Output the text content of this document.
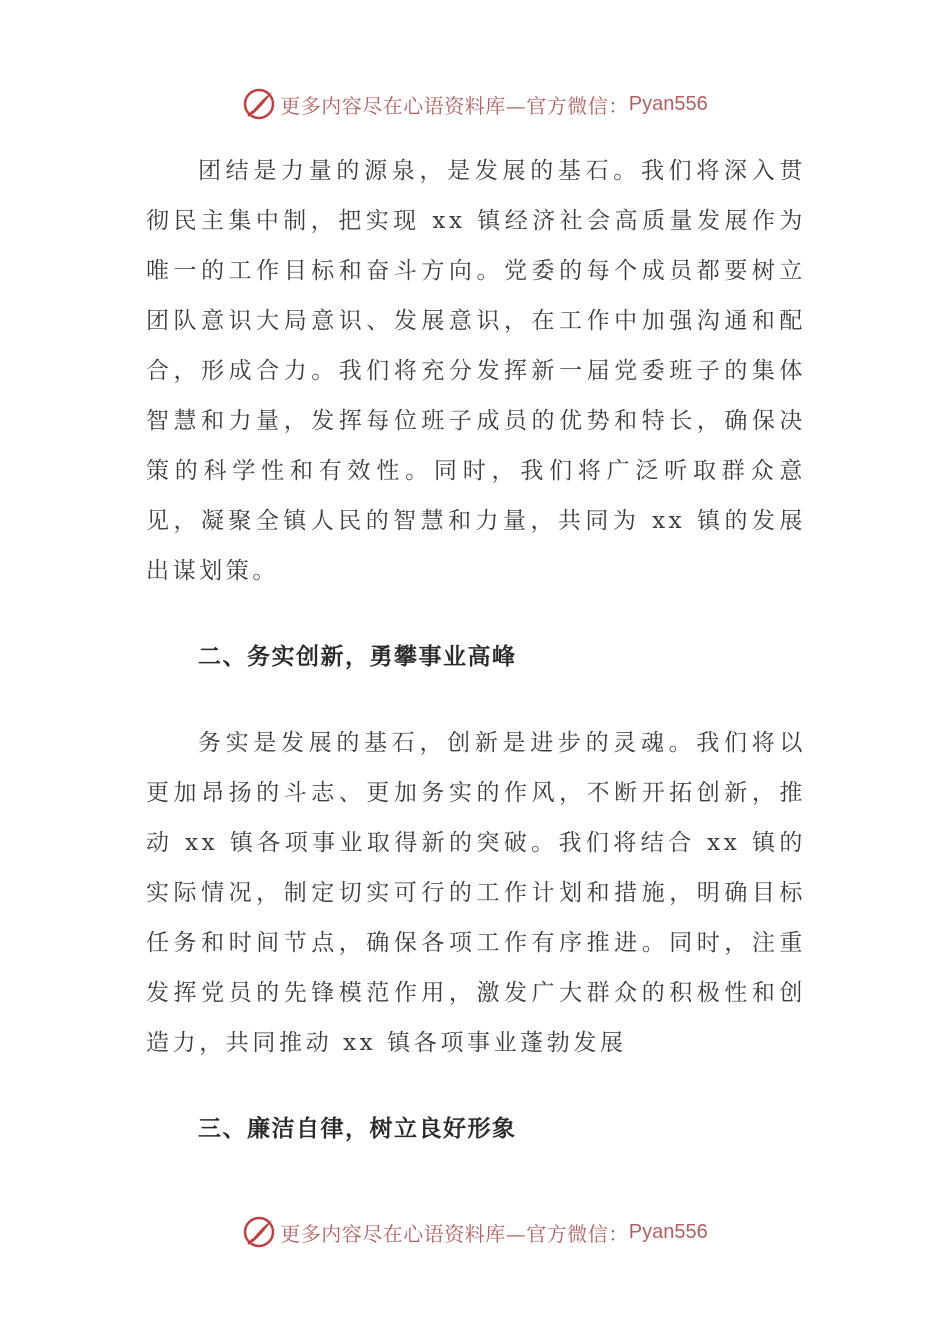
更多内容尽在心语资料库—官方微信： Pyan556

团结是力量的源泉，是发展的基石。我们将深入贯彻民主集中制，把实现 xx 镇经济社会高质量发展作为唯一的工作目标和奋斗方向。党委的每个成员都要树立团队意识大局意识、发展意识，在工作中加强沟通和配合，形成合力。我们将充分发挥新一届党委班子的集体智慧和力量，发挥每位班子成员的优势和特长，确保决策的科学性和有效性。同时，我们将广泛听取群众意见，凝聚全镇人民的智慧和力量，共同为 xx 镇的发展出谋划策。

二、务实创新，勇攀事业高峰

务实是发展的基石，创新是进步的灵魂。我们将以更加昂扬的斗志、更加务实的作风，不断开拓创新，推动 xx 镇各项事业取得新的突破。我们将结合 xx 镇的实际情况，制定切实可行的工作计划和措施，明确目标任务和时间节点，确保各项工作有序推进。同时，注重发挥党员的先锋模范作用，激发广大群众的积极性和创造力，共同推动 xx 镇各项事业蓬勃发展

三、廉洁自律，树立良好形象
更多内容尽在心语资料库—官方微信： Pyan556
